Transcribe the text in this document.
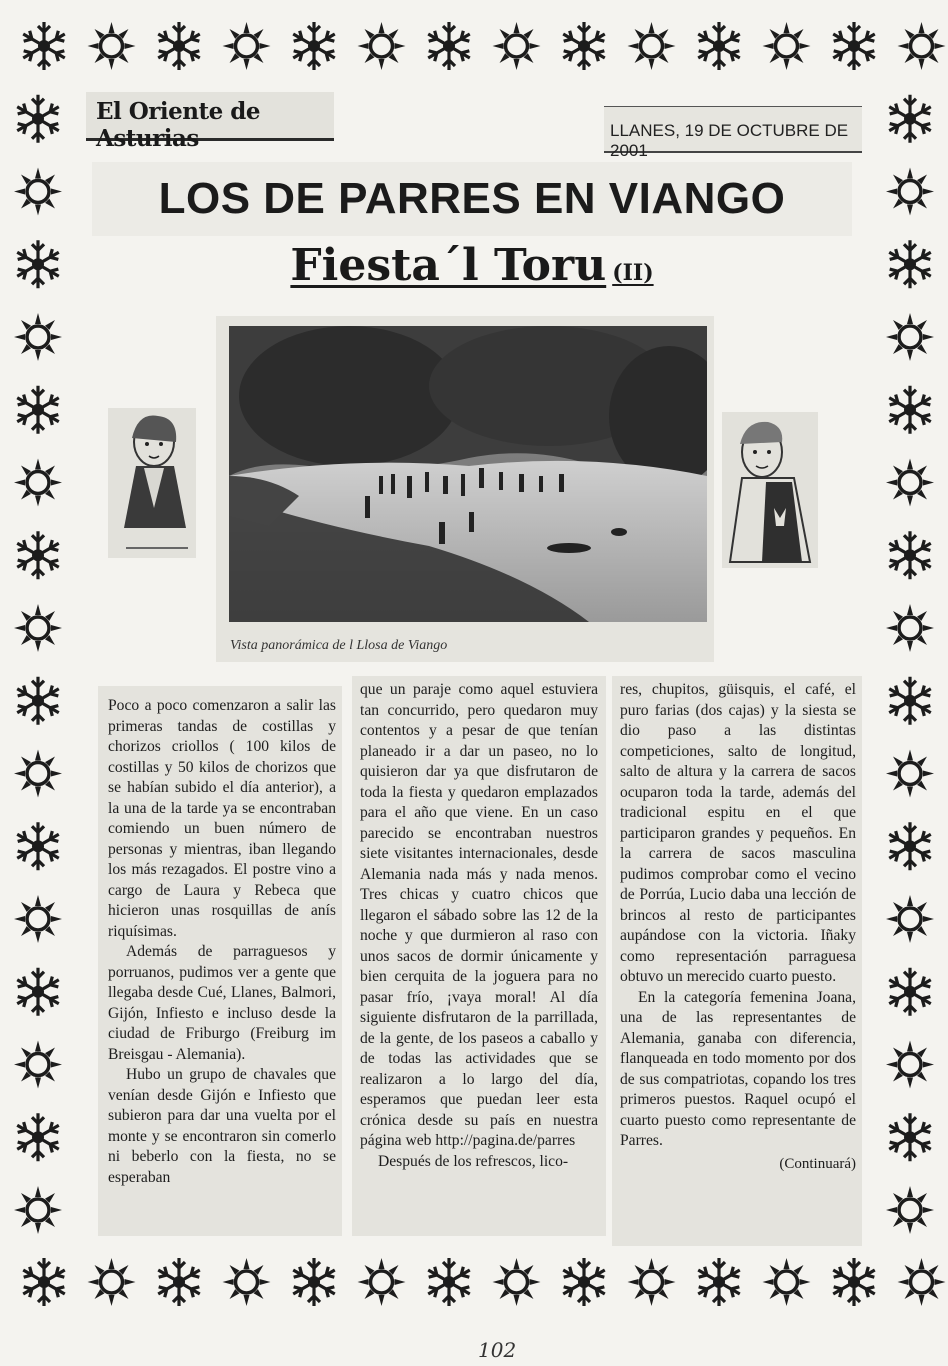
El Oriente de Asturias	LLANES, 19 DE OCTUBRE DE 2001
LOS DE PARRES EN VIANGO
Fiesta´l Toru (II)
Vista panorámica de l Llosa de Viango

Poco a poco comenzaron a salir las primeras tandas de costillas y chorizos criollos ( 100 kilos de costillas y 50 kilos de chorizos que se habían subido el día anterior), a la una de la tarde ya se encontraban comiendo un buen número de personas y mientras, iban llegando los más rezagados. El postre vino a cargo de Laura y Rebeca que hicieron unas rosquillas de anís riquísimas.

Además de parraguesos y porruanos, pudimos ver a gente que llegaba desde Cué, Llanes, Balmori, Gijón, Infiesto e incluso desde la ciudad de Friburgo (Freiburg im Breisgau - Alemania).

Hubo un grupo de chavales que venían desde Gijón e Infiesto que subieron para dar una vuelta por el monte y se encontraron sin comerlo ni beberlo con la fiesta, no se esperaban

que un paraje como aquel estuviera tan concurrido, pero quedaron muy contentos y a pesar de que tenían planeado ir a dar un paseo, no lo quisieron dar ya que disfrutaron de toda la fiesta y quedaron emplazados para el año que viene. En un caso parecido se encontraban nuestros siete visitantes internacionales, desde Alemania nada más y nada menos. Tres chicas y cuatro chicos que llegaron el sábado sobre las 12 de la noche y que durmieron al raso con unos sacos de dormir únicamente y bien cerquita de la joguera para no pasar frío, ¡vaya moral! Al día siguiente disfrutaron de la parrillada, de la gente, de los paseos a caballo y de todas las actividades que se realizaron a lo largo del día, esperamos que puedan leer esta crónica desde su país en nuestra página web http://pagina.de/parres

Después de los refrescos, lico-

res, chupitos, güisquis, el café, el puro farias (dos cajas) y la siesta se dio paso a las distintas competiciones, salto de longitud, salto de altura y la carrera de sacos ocuparon toda la tarde, además del tradicional espitu en el que participaron grandes y pequeños. En la carrera de sacos masculina pudimos comprobar como el vecino de Porrúa, Lucio daba una lección de brincos al resto de participantes aupándose con la victoria. Iñaky como representación parraguesa obtuvo un merecido cuarto puesto.

En la categoría femenina Joana, una de las representantes de Alemania, ganaba con diferencia, flanqueada en todo momento por dos de sus compatriotas, copando los tres primeros puestos. Raquel ocupó el cuarto puesto como representante de Parres.

(Continuará)
102
